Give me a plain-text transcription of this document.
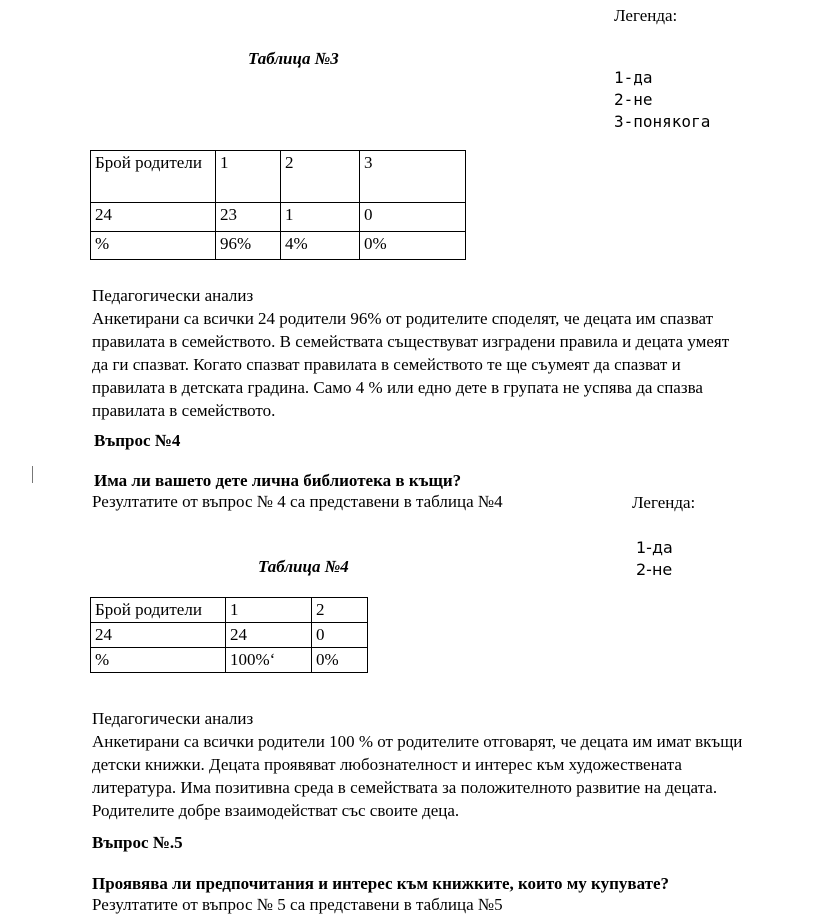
Легенда:
1-да
2-не
3-понякога
Таблица №3
Брой родители	1	2	3
24	23	1	0
%	96%	4%	0%
Педагогически анализ
Анкетирани са всички 24 родители 96% от родителите споделят, че децата им спазват
правилата в семейството. В семействата съществуват изградени правила и децата умеят
да ги спазват. Когато спазват правилата в семейството те ще съумеят да спазват и
правилата в детската градина. Само 4 % или едно дете в групата не успява да спазва
правилата в семейството.
Въпрос №4
Има ли вашето дете лична библиотека в къщи?
Резултатите от въпрос № 4 са представени в таблица №4	Легенда:
1-да
2-не
Таблица №4
Брой родители	1	2
24	24	0
%	100%‘	0%
Педагогически анализ
Анкетирани са всички родители 100 % от родителите отговарят, че децата им имат вкъщи
детски книжки. Децата проявяват любознателност и интерес към художествената
литература. Има позитивна среда в семействата за положителното развитие на децата.
Родителите добре взаимодействат със своите деца.
Въпрос №.5
Проявява ли предпочитания и интерес към книжките, които му купувате?
Резултатите от въпрос № 5 са представени в таблица №5
